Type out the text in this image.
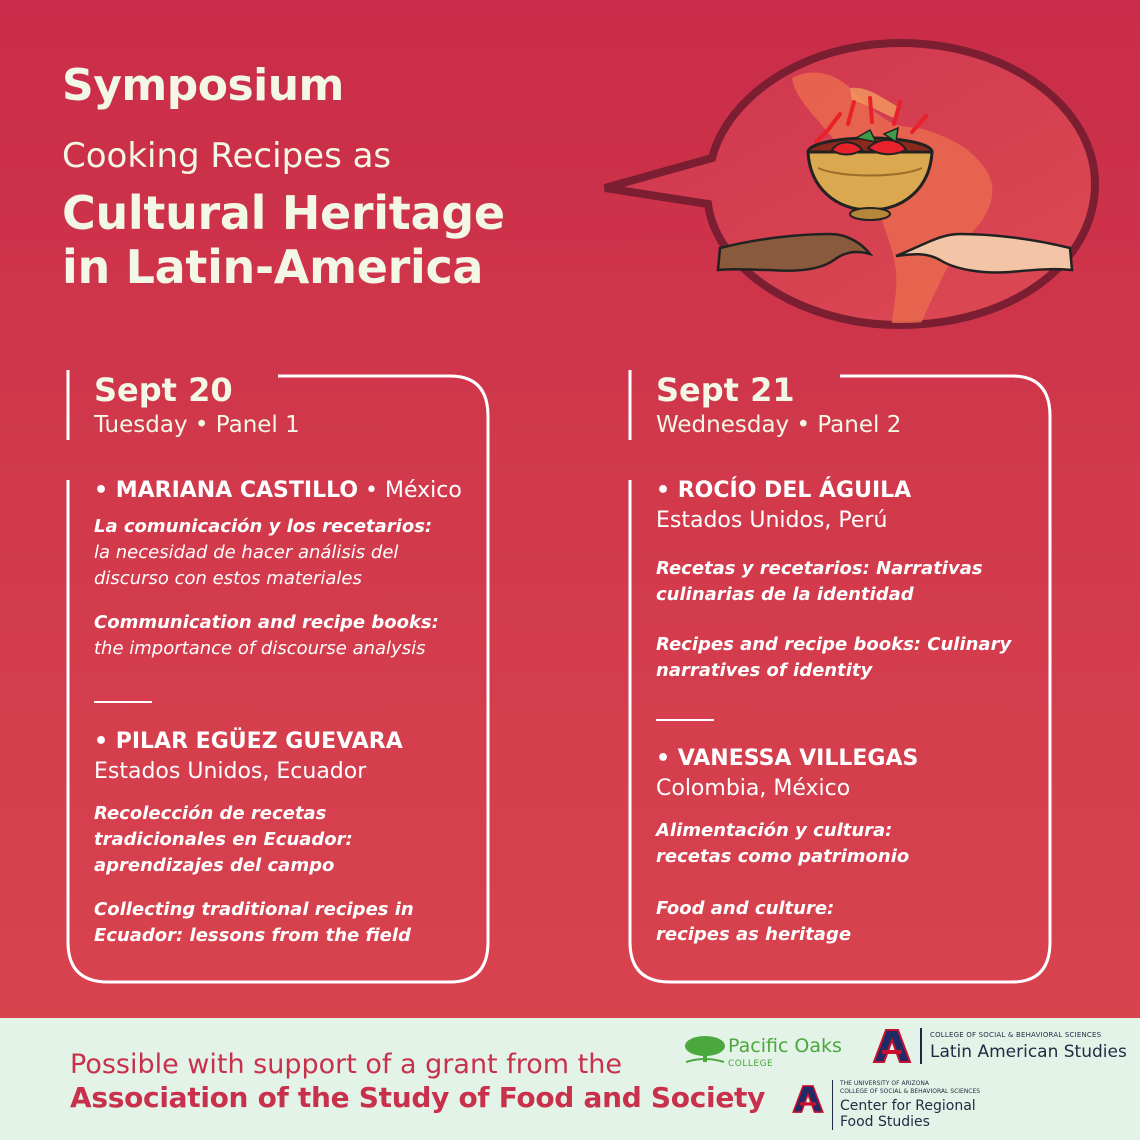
Symposium
Cooking Recipes as
Cultural Heritage
in Latin-America
Sept 20
Tuesday • Panel 1
• MARIANA CASTILLO • México
La comunicación y los recetarios:
la necesidad de hacer análisis del discurso con estos materiales
Communication and recipe books:
the importance of discourse analysis
• PILAR EGÜEZ GUEVARA
Estados Unidos, Ecuador
Recolección de recetas tradicionales en Ecuador: aprendizajes del campo
Collecting traditional recipes in Ecuador: lessons from the field
Sept 21
Wednesday • Panel 2
• ROCÍO DEL ÁGUILA
Estados Unidos, Perú
Recetas y recetarios: Narrativas culinarias de la identidad
Recipes and recipe books: Culinary narratives of identity
• VANESSA VILLEGAS
Colombia, México
Alimentación y cultura: recetas como patrimonio
Food and culture: recipes as heritage
Possible with support of a grant from the
Association of the Study of Food and Society
Pacific Oaks
COLLEGE
COLLEGE OF SOCIAL & BEHAVIORAL SCIENCES
Latin American Studies
THE UNIVERSITY OF ARIZONA
COLLEGE OF SOCIAL & BEHAVIORAL SCIENCES
Center for Regional
Food Studies
